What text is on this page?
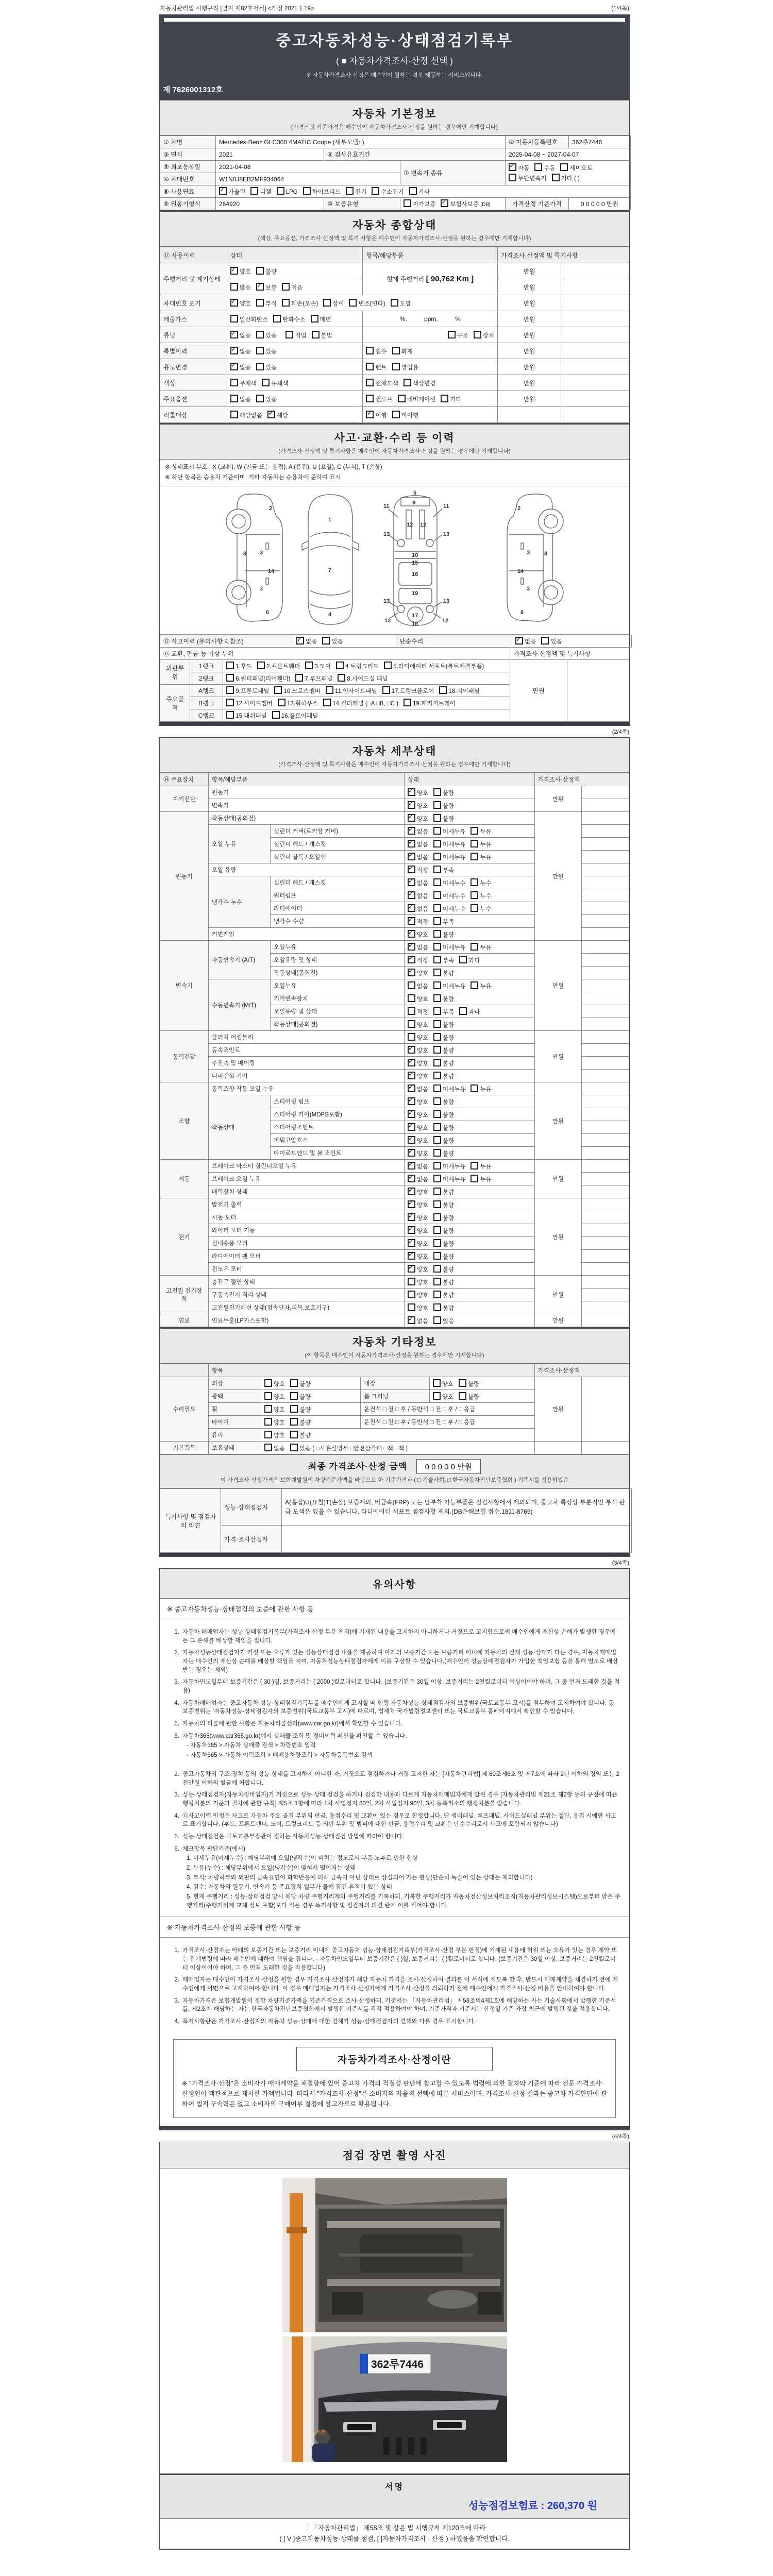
자동차관리법 시행규칙 [별지 제82호서식] <개정 2021.1.19>	(1/4쪽)
중고자동차성능·상태점검기록부
( ■ 자동차가격조사·산정 선택 )
※ 자동차가격조사·산정은 매수인이 원하는 경우 제공하는 서비스입니다.
제 7626001312호
자동차 기본정보
(가격산정 기준가격은 매수인이 자동차가격조사·산정을 원하는 경우에만 기재합니다)
① 차명	Mercedes-Benz GLC300 4MATIC Coupe (세부모델: )			② 자동차등록번호	362루7446
③ 연식	2021	④ 검사유효기간		2025-04-08 ~ 2027-04-07	
⑤ 최초등록일	2021-04-08		⑦ 변속기 종류	
✓자동 수동 세미오토
무단변속기 기타 ( )

⑥ 차대번호	W1N0J8EB2MF934064				
⑧ 사용연료	✓가솔린 디젤 LPG 하이브리드 전기 수소전기 기타
⑨ 원동기형식	264920	⑩ 보증유형	자가보증 ✓ 보험사보증 [DB]	가격산정 기준가격	0 0 0 0 0 만원
자동차 종합상태
(색상, 주요옵션, 가격조사·산정액 및 특기 사항은 매수인이 자동차가격조사·산정을 원하는 경우에만 기재합니다)
⑪ 사용이력	상태	항목/해당부품	가격조사·산정액 및 특기사항	
주행거리 및 계기상태	✓양호 불량	현재 주행거리 [ 90,762 Km ]	만원	
	많음 ✓ 보통 적음		만원	
차대번호 표기	✓양호 부식 훼손(오손) 상이 변조(변타) 도말		만원	
배출가스	일산화탄소 탄화수소 매연	%,          ppm,          %	만원	
튜닝	✓없음 있음 적법 불법	구조 장치	만원	
특별이력	✓없음 있음	침수 화재	만원	
용도변경	✓없음 있음	렌트 영업용	만원	
색상	무채색 유채색	전체도색 색상변경	만원	
주요옵션	없음 있음	썬루프 네비게이션 기타	만원	
리콜대상	해당없음 ✓ 해당	✓이행 미이행		
사고·교환·수리 등 이력
(가격조사·산정액 및 특기사항은 매수인이 자동차가격조사·산정을 원하는 경우에만 기재합니다)
※ 상태표시 부호 : X (교환), W (판금 또는 용접), A (흠집), U (요철), C (부식), T (손상)
※ 하단 항목은 승용차 기준이며, 기타 자동차는 승용차에 준하여 표시
2
8 3
3
14
6
1
7
4
5
9
11	11
12 12
13	13
10
15
16
19
13	13
12	12
17
18
2
8
3
3
14
6
⑫ 사고이력 (유의사항 4.참조)	✓없음 있음	단순수리	✓없음 있음
⑬ 교환, 판금 등 이상 부위			가격조사·산정액 및 특기사항	
외판부위	1랭크	1.후드 2.프론트휀더 3.도어 4.트렁크리드 5.라디에이터 서포트(볼트체결부품)	만원	
	2랭크	6.쿼터패널(리어휀더) 7.루프패널 8.사이드실 패널		
주요골격	A랭크	9.프론트패널 10.크로스멤버 11.인사이드패널 17.트렁크플로어 18.리어패널		
	B랭크	12.사이드멤버 13.휠하우스 14.필러패널 (□A □B, □C ) 19.패키지트레이		
	C랭크	15.대쉬패널 16.플로어패널		
(2/4쪽)
자동차 세부상태
(가격조사·산정액 및 특기사항은 매수인이 자동차가격조사·산정을 원하는 경우에만 기재합니다)
⑭ 주요장치	항목/해당부품		상태	가격조사·산정액	
자기진단	원동기	✓양호 불량	만원	
	변속기	✓양호 불량	
원동기	작동상태(공회전)	✓양호 불량	만원	
	오일 누유	실린더 커버(로커암 커버)	✓없음 미세누유 누유	
		실린더 헤드 / 개스킷	✓없음 미세누유 누유	
		실린더 블록 / 오일팬	✓없음 미세누유 누유	
	오일 유량	✓적정 부족	
	냉각수 누수	실린더 헤드 / 개스킷	✓없음 미세누수 누수	
		워터펌프	✓없음 미세누수 누수	
		라디에이터	✓없음 미세누수 누수	
		냉각수 수량	✓적정 부족	
	커먼레일	✓양호 불량	
변속기	자동변속기 (A/T)	오일누유	✓없음 미세누유 누유	만원	
		오일유량 및 상태	✓적정 부족 과다	
		작동상태(공회전)	✓양호 불량	
	수동변속기 (M/T)	오일누유	없음 미세누유 누유		
		기어변속장치	양호 불량		
		오일유량 및 상태	적정 부족 과다		
		작동상태(공회전)	양호 불량		
동력전달	클러치 어셈블리		양호 불량	만원	
	등속죠인트	✓양호 불량	
	추진축 및 베어링	✓양호 불량	
	디퍼렌셜 기어	✓양호 불량	
조향	동력조향 작동 오일 누유	✓없음 미세누유 누유	만원	
	작동상태	스티어링 펌프	✓양호 불량	
		스티어링 기어(MDPS포함)	✓양호 불량	
		스티어링조인트	✓양호 불량	
		파워고압호스	✓양호 불량	
		타이로드엔드 및 볼 조인트	✓양호 불량	
제동	브레이크 마스터 실린더오일 누유	✓없음 미세누유 누유	만원	
	브레이크 오일 누유	✓없음 미세누유 누유	
	배력장치 상태	✓양호 불량	
전기	발전기 출력	✓양호 불량	만원	
	시동 모터	✓양호 불량	
	와이퍼 모터 기능	✓양호 불량	
	실내송풍 모터	✓양호 불량	
	라디에이터 팬 모터	✓양호 불량	
	윈도우 모터	✓양호 불량	
고전원 전기장치	충전구 절연 상태		양호 불량	만원	
	구동축전지 격리 상태		양호 불량		
	고전원전기배선 상태(접속단자,피복,보호기구)		양호 불량		
연료	연료누출(LP가스포함)	✓없음 있음	만원	
자동차 기타정보
(이 항목은 매수인이 자동차가격조사·산정을 원하는 경우에만 기재합니다)
	항목				가격조사·산정액	
수리필요	외장	양호 불량	내장	양호 불량	만원	
	광택	양호 불량	룸 크리닝	양호 불량		
	휠	양호 불량	운전석 □ 전 □ 후 / 동반석 □ 전 □ 후 / □ 응급			
	타이어	양호 불량	운전석 □ 전 □ 후 / 동반석 □ 전 □ 후 / □ 응급			
	유리	양호 불량				
기본품목	보유상태	없음 있음 ( □사용설명서 □안전삼각대 □잭 □잭 )				
최종 가격조사·산정 금액 0 0 0 0 0 만원
이 가격조사·산정가격은 보험개발원의 차량기준가액을 바탕으로 한 기준가격과 ( □ 기술사회, □ 한국자동차진단보증협회 ) 기준서를 적용하였음
특기사항 및 점검자의 의견	성능·상태점검자	A(흠집)U(요철)T(손상) 보증제외, 비금속(FRP) 또는 탈부착 가능부품은 점검사항에서 제외되며, 중고차 특성상 부분적인 부식 판금 도색은 있을 수 있습니다. 라디에이터 서포트 점검사항 제외.(DB손해보험 접수.1811-8769)
	가격·조사산정자	
(3/4쪽)
유의사항
※ 중고자동차성능·상태점검의 보증에 관한 사항 등
1. 자동차 매매업자는 성능·상태점검기록부(가격조사·산정 부분 제외)에 기재된 내용을 고지하지 아니하거나 거짓으로 고지함으로써 매수인에게 재산상 손해가 발생한 경우에는 그 손해를 배상할 책임을 집니다.
2. 자동차성능상태점검자가 거짓 또는 오류가 있는 성능상태점검 내용을 제공하여 아래의 보증기간 또는 보증거리 이내에 자동차의 실제 성능·상태가 다른 경우, 자동차매매업자는 매수인의 재산상 손해를 배상할 책임을 지며, 자동차성능상태점검자에게 이를 구상할 수 있습니다.(매수인이 성능상태점검자가 가입한 책임보험 등을 통해 별도로 배상받는 경우는 제외)
3. 자동차인도일부터 보증기간은 ( 30 )일, 보증거리는 ( 2000 )킬로미터로 합니다. (보증기간은 30일 이상, 보증거리는 2천킬로미터 이상이어야 하며, 그 중 먼저 도래한 것을 적용)
4. 자동차매매업자는 중고자동차 성능·상태점검기록부를 매수인에게 고지할 때 현행 자동차성능·상태점검자의 보증범위(국토교통부 고시)를 첨부하여 고지하여야 합니다. 동 보증범위는 '자동차성능·상태점검자의 보증범위'(국토교통부 고시)에 따르며, 법제처 국가법령정보센터 또는 국토교통부 홈페이지에서 확인할 수 있습니다.
5. 자동차의 리콜에 관한 사항은 자동차리콜센터(www.car.go.kr)에서 확인할 수 있습니다.
6. 자동차365(www.car365.go.kr)에서 실매물 조회 및 정비이력 확인을 확인할 수 있습니다.
- 자동차365 > 자동차 실매물 검색 > 차량번호 입력
- 자동차365 > 자동차 이력조회 > 매매용차량조회 > 자동차등록번호 검색
2. 중고자동차의 구조·장치 등의 성능·상태를 고지하지 아니한 자, 거짓으로 점검하거나 거짓 고지한 자는 [자동차관리법] 제 80조제6호 및 제7호에 따라 2년 이하의 징역 또는 2천만원 이하의 벌금에 처합니다.
3. 성능·상태점검자(자동차정비업자)가 거짓으로 성능·상태 점검을 하거나 점검한 내용과 다르게 자동차매매업자에게 알린 경우 [자동차관리법 제21조 제2항 등의 규정에 따른 행정처분의 기준과 절차에 관한 규칙] 제5조 1항에 따라 1차 사업정지 30일, 2차 사업정지 90일, 3차 등록취소의 행정처분을 받습니다.
4. ⑫사고이력 인정은 사고로 자동차 주요 골격 부위의 판금, 용접수리 및 교환이 있는 경우로 한정합니다. 단 쿼터패널, 루프패널, 사이드실패널 부위는 절단, 용접 시에만 사고로 표기합니다. (후드, 프론트펜더, 도어, 트렁크리드 등 외판 부위 및 범퍼에 대한 판금, 용접수리 및 교환은 단순수리로서 사고에 포함되지 않습니다)
5. 성능·상태점검은 국토교통부장관이 정하는 자동차성능·상태점검 방법에 따라야 합니다.
6. 체크항목 판단기준(예시)
1. 미세누유(미세누수) : 해당부위에 오일(냉각수)이 비치는 정도로서 부품 노후로 인한 현상
2. 누유(누수) : 해당부위에서 오일(냉각수)이 맺혀서 떨어지는 상태
3. 부식: 차량하부와 외판의 금속표면이 화학반응에 의해 금속이 아닌 상태로 상실되어 가는 현상(단순히 녹슬어 있는 상태는 제외합니다)
4. 침수: 자동차의 원동기, 변속기 등 주요장치 일부가 물에 잠긴 흔적이 있는 상태
5. 현재 주행거리 : 성능·상태점검 당시 해당 차량 주행거리계의 주행거리를 기록하되, 기록한 주행거리가 자동차전산정보처리조직(자동차관리정보시스템)으로부터 받은 주행거리(주행거리계 교체 정보 포함)보다 적은 경우 특기사항 및 점검자의 의견 란에 이를 적어야 합니다.
※ 자동차가격조사·산정의 보증에 관한 사항 등
1. 가격조사·산정자는 아래의 보증기간 또는 보증거리 이내에 중고자동차 성능·상태점검기록부(가격조사·산정 부분 한정)에 기재된 내용에 허위 또는 오류가 있는 경우 계약 또는 관계법령에 따라 매수인에 대하여 책임을 집니다. · 자동차인도일부터 보증기간은 ( )일, 보증거리는 ( )킬로미터로 합니다. (보증기간은 30일 이상, 보증거리는 2천킬로미터 이상이어야 하며, 그 중 먼저 도래한 것을 적용합니다)
2. 매매업자는 매수인이 가격조사·산정을 원할 경우 가격조사·산정자가 해당 자동차 가격을 조사·산정하여 결과를 이 서식에 적도록 한 후, 반드시 매매계약을 체결하기 전에 매수인에게 서면으로 고지하여야 합니다. 이 경우 매매업자는 가격조사·산정자에게 가격조사·산정을 의뢰하기 전에 매수인에게 가격조사·산정 비용을 안내하여야 합니다.
3. 자동차가격은 보험개발원이 정한 차량기준가액을 기준가격으로 조사·산정하되, 기준서는 「자동차관리법」 제58조의4제1호에 해당하는 자는 기술사회에서 발행한 기준서를, 제2호에 해당하는 자는 한국자동차진단보증협회에서 발행한 기준서를 각각 적용하여야 하며, 기준가격과 기준서는 산정일 기준 가장 최근에 발행된 것을 적용합니다.
4. 특기사항란은 가격조사·산정자의 자동차 성능·상태에 대한 견해가 성능·상태점검자의 견해와 다를 경우 표시합니다.
자동차가격조사·산정이란
※ "가격조사·산정"은 소비자가 매매계약을 체결함에 있어 중고차 가격의 적절성 판단에 참고할 수 있도록 법령에 의한 절차와 기준에 따라 전문 가격조사·산정인이 객관적으로 제시한 가액입니다. 따라서 "가격조사·산정"은 소비자의 자율적 선택에 따른 서비스이며, 가격조사·산정 결과는 중고차 가격판단에 관하여 법적 구속력은 없고 소비자의 구매여부 결정에 참고자료로 활용됩니다.
(4/4쪽)
점검 장면 촬영 사진
362루7446
2020
서명
성능점검보험료 : 260,370 원
「 「자동차관리법」 제58조 및 같은 법 시행규칙 제120조에 따라
( [ V ]중고자동차성능·상태를 점검, [ ]자동차가격조사 · 산정 ) 하였음을 확인합니다.
